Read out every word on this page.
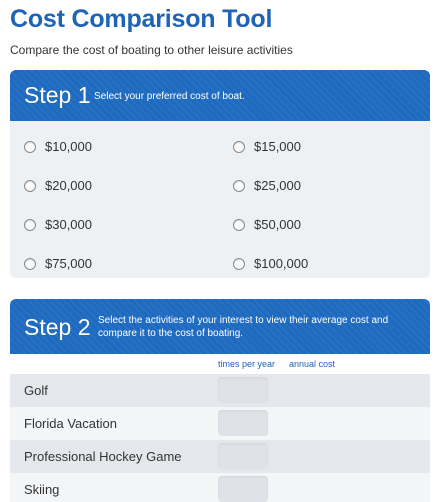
Cost Comparison Tool
Compare the cost of boating to other leisure activities
Step 1 Select your preferred cost of boat.
$10,000	$15,000
$20,000	$25,000
$30,000	$50,000
$75,000	$100,000
Step 2 Select the activities of your interest to view their average cost and compare it to the cost of boating.
times per year annual cost
Golf
Florida Vacation
Professional Hockey Game
Skiing
